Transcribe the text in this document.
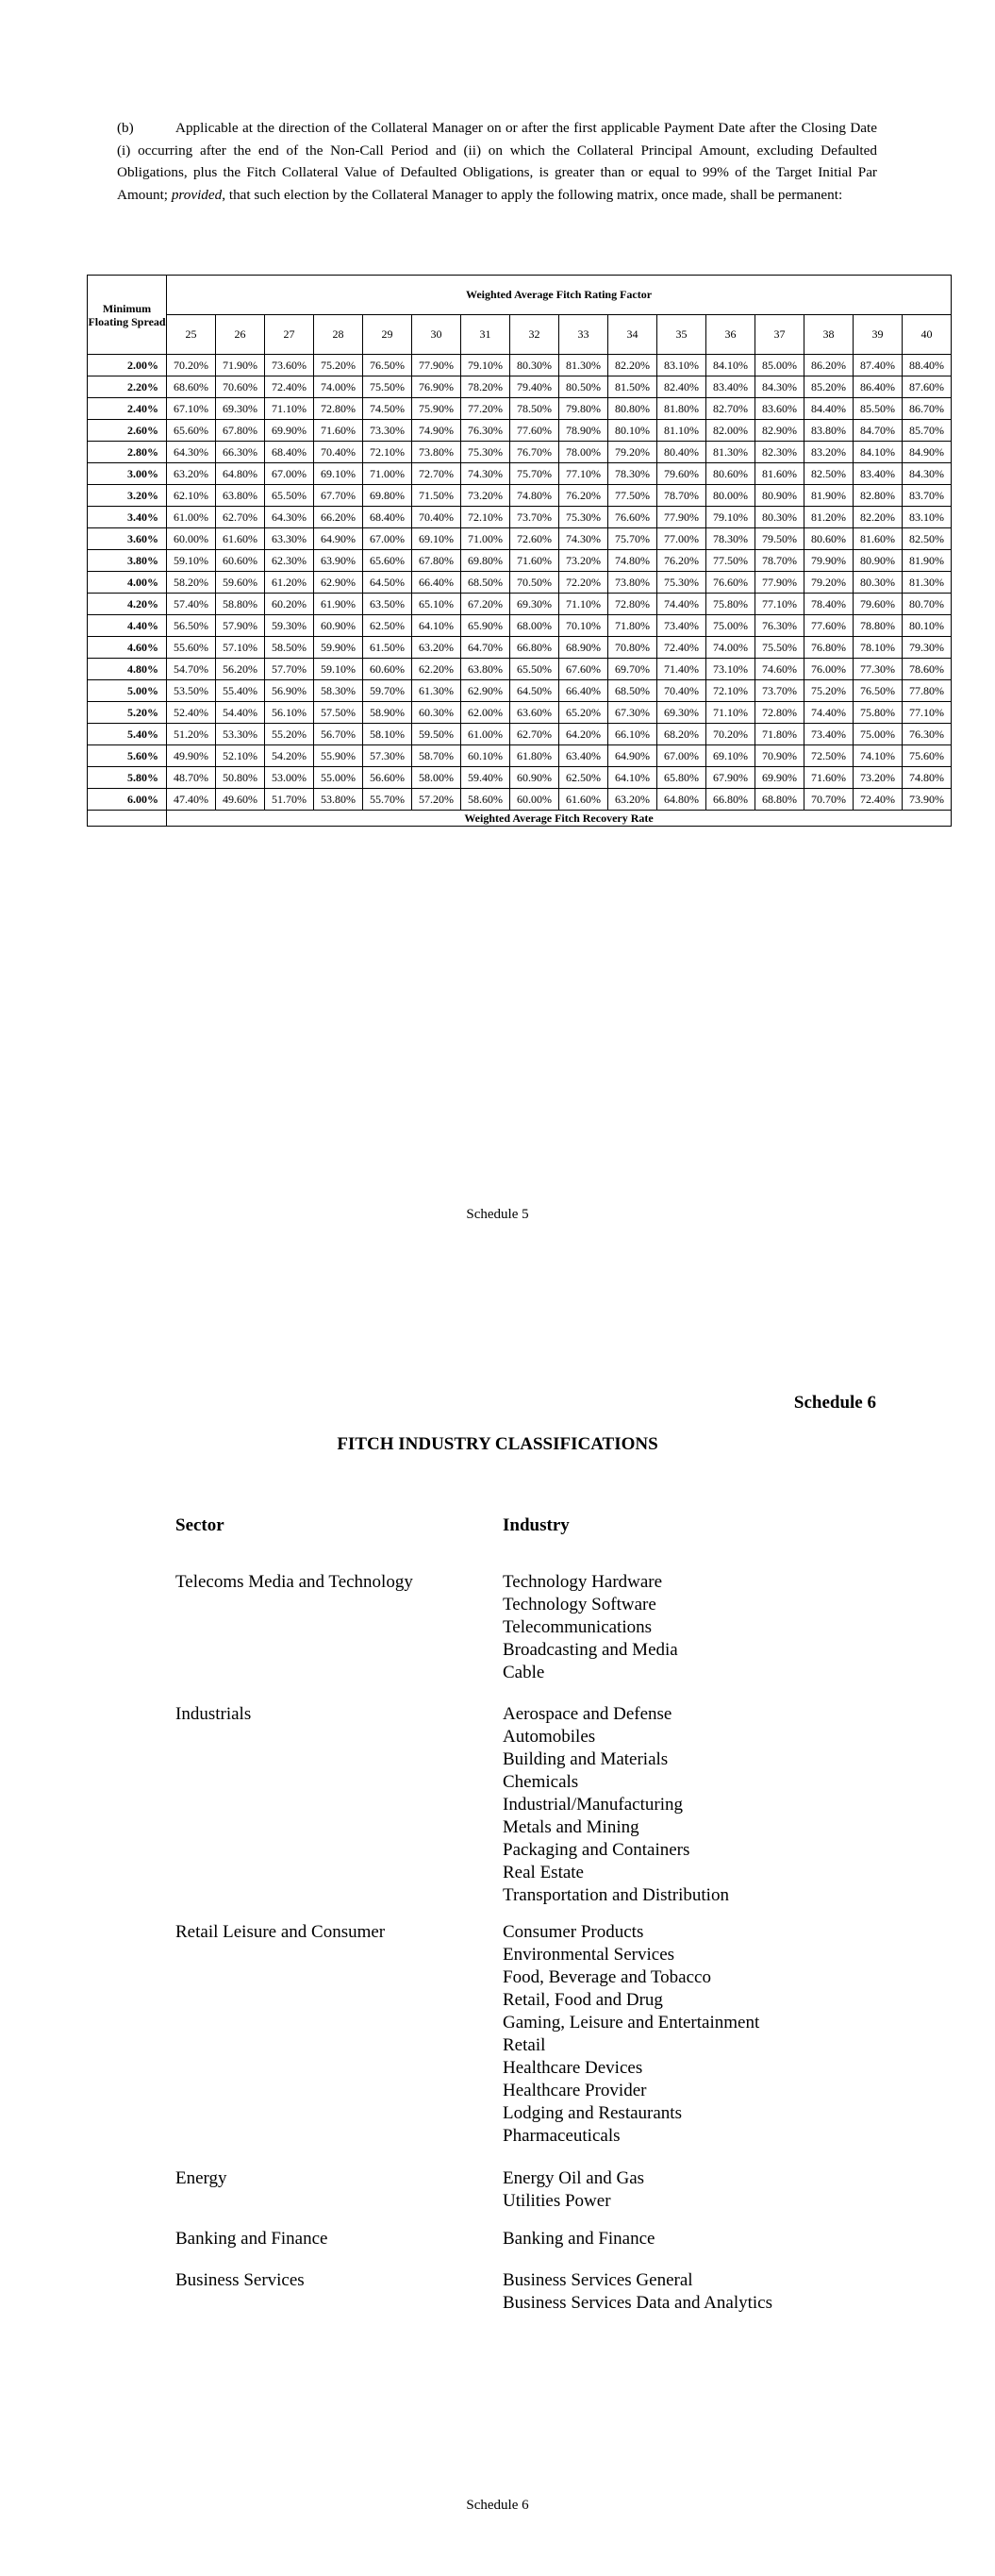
(b)	Applicable at the direction of the Collateral Manager on or after the first applicable Payment Date after the Closing Date (i) occurring after the end of the Non-Call Period and (ii) on which the Collateral Principal Amount, excluding Defaulted Obligations, plus the Fitch Collateral Value of Defaulted Obligations, is greater than or equal to 99% of the Target Initial Par Amount; provided, that such election by the Collateral Manager to apply the following matrix, once made, shall be permanent:

Minimum Floating Spread	Weighted Average Fitch Rating Factor															
	25	26	27	28	29	30	31	32	33	34	35	36	37	38	39	40
2.00%	70.20%	71.90%	73.60%	75.20%	76.50%	77.90%	79.10%	80.30%	81.30%	82.20%	83.10%	84.10%	85.00%	86.20%	87.40%	88.40%
2.20%	68.60%	70.60%	72.40%	74.00%	75.50%	76.90%	78.20%	79.40%	80.50%	81.50%	82.40%	83.40%	84.30%	85.20%	86.40%	87.60%
2.40%	67.10%	69.30%	71.10%	72.80%	74.50%	75.90%	77.20%	78.50%	79.80%	80.80%	81.80%	82.70%	83.60%	84.40%	85.50%	86.70%
2.60%	65.60%	67.80%	69.90%	71.60%	73.30%	74.90%	76.30%	77.60%	78.90%	80.10%	81.10%	82.00%	82.90%	83.80%	84.70%	85.70%
2.80%	64.30%	66.30%	68.40%	70.40%	72.10%	73.80%	75.30%	76.70%	78.00%	79.20%	80.40%	81.30%	82.30%	83.20%	84.10%	84.90%
3.00%	63.20%	64.80%	67.00%	69.10%	71.00%	72.70%	74.30%	75.70%	77.10%	78.30%	79.60%	80.60%	81.60%	82.50%	83.40%	84.30%
3.20%	62.10%	63.80%	65.50%	67.70%	69.80%	71.50%	73.20%	74.80%	76.20%	77.50%	78.70%	80.00%	80.90%	81.90%	82.80%	83.70%
3.40%	61.00%	62.70%	64.30%	66.20%	68.40%	70.40%	72.10%	73.70%	75.30%	76.60%	77.90%	79.10%	80.30%	81.20%	82.20%	83.10%
3.60%	60.00%	61.60%	63.30%	64.90%	67.00%	69.10%	71.00%	72.60%	74.30%	75.70%	77.00%	78.30%	79.50%	80.60%	81.60%	82.50%
3.80%	59.10%	60.60%	62.30%	63.90%	65.60%	67.80%	69.80%	71.60%	73.20%	74.80%	76.20%	77.50%	78.70%	79.90%	80.90%	81.90%
4.00%	58.20%	59.60%	61.20%	62.90%	64.50%	66.40%	68.50%	70.50%	72.20%	73.80%	75.30%	76.60%	77.90%	79.20%	80.30%	81.30%
4.20%	57.40%	58.80%	60.20%	61.90%	63.50%	65.10%	67.20%	69.30%	71.10%	72.80%	74.40%	75.80%	77.10%	78.40%	79.60%	80.70%
4.40%	56.50%	57.90%	59.30%	60.90%	62.50%	64.10%	65.90%	68.00%	70.10%	71.80%	73.40%	75.00%	76.30%	77.60%	78.80%	80.10%
4.60%	55.60%	57.10%	58.50%	59.90%	61.50%	63.20%	64.70%	66.80%	68.90%	70.80%	72.40%	74.00%	75.50%	76.80%	78.10%	79.30%
4.80%	54.70%	56.20%	57.70%	59.10%	60.60%	62.20%	63.80%	65.50%	67.60%	69.70%	71.40%	73.10%	74.60%	76.00%	77.30%	78.60%
5.00%	53.50%	55.40%	56.90%	58.30%	59.70%	61.30%	62.90%	64.50%	66.40%	68.50%	70.40%	72.10%	73.70%	75.20%	76.50%	77.80%
5.20%	52.40%	54.40%	56.10%	57.50%	58.90%	60.30%	62.00%	63.60%	65.20%	67.30%	69.30%	71.10%	72.80%	74.40%	75.80%	77.10%
5.40%	51.20%	53.30%	55.20%	56.70%	58.10%	59.50%	61.00%	62.70%	64.20%	66.10%	68.20%	70.20%	71.80%	73.40%	75.00%	76.30%
5.60%	49.90%	52.10%	54.20%	55.90%	57.30%	58.70%	60.10%	61.80%	63.40%	64.90%	67.00%	69.10%	70.90%	72.50%	74.10%	75.60%
5.80%	48.70%	50.80%	53.00%	55.00%	56.60%	58.00%	59.40%	60.90%	62.50%	64.10%	65.80%	67.90%	69.90%	71.60%	73.20%	74.80%
6.00%	47.40%	49.60%	51.70%	53.80%	55.70%	57.20%	58.60%	60.00%	61.60%	63.20%	64.80%	66.80%	68.80%	70.70%	72.40%	73.90%
	Weighted Average Fitch Recovery Rate															
Schedule 5
Schedule 6
FITCH INDUSTRY CLASSIFICATIONS
Sector	Industry
Telecoms Media and Technology	Technology Hardware
Technology Software
Telecommunications
Broadcasting and Media
Cable
Industrials	Aerospace and Defense
Automobiles
Building and Materials
Chemicals
Industrial/Manufacturing
Metals and Mining
Packaging and Containers
Real Estate
Transportation and Distribution
Retail Leisure and Consumer	Consumer Products
Environmental Services
Food, Beverage and Tobacco
Retail, Food and Drug
Gaming, Leisure and Entertainment
Retail
Healthcare Devices
Healthcare Provider
Lodging and Restaurants
Pharmaceuticals
Energy	Energy Oil and Gas
Utilities Power
Banking and Finance	Banking and Finance
Business Services	Business Services General
Business Services Data and Analytics
Schedule 6
